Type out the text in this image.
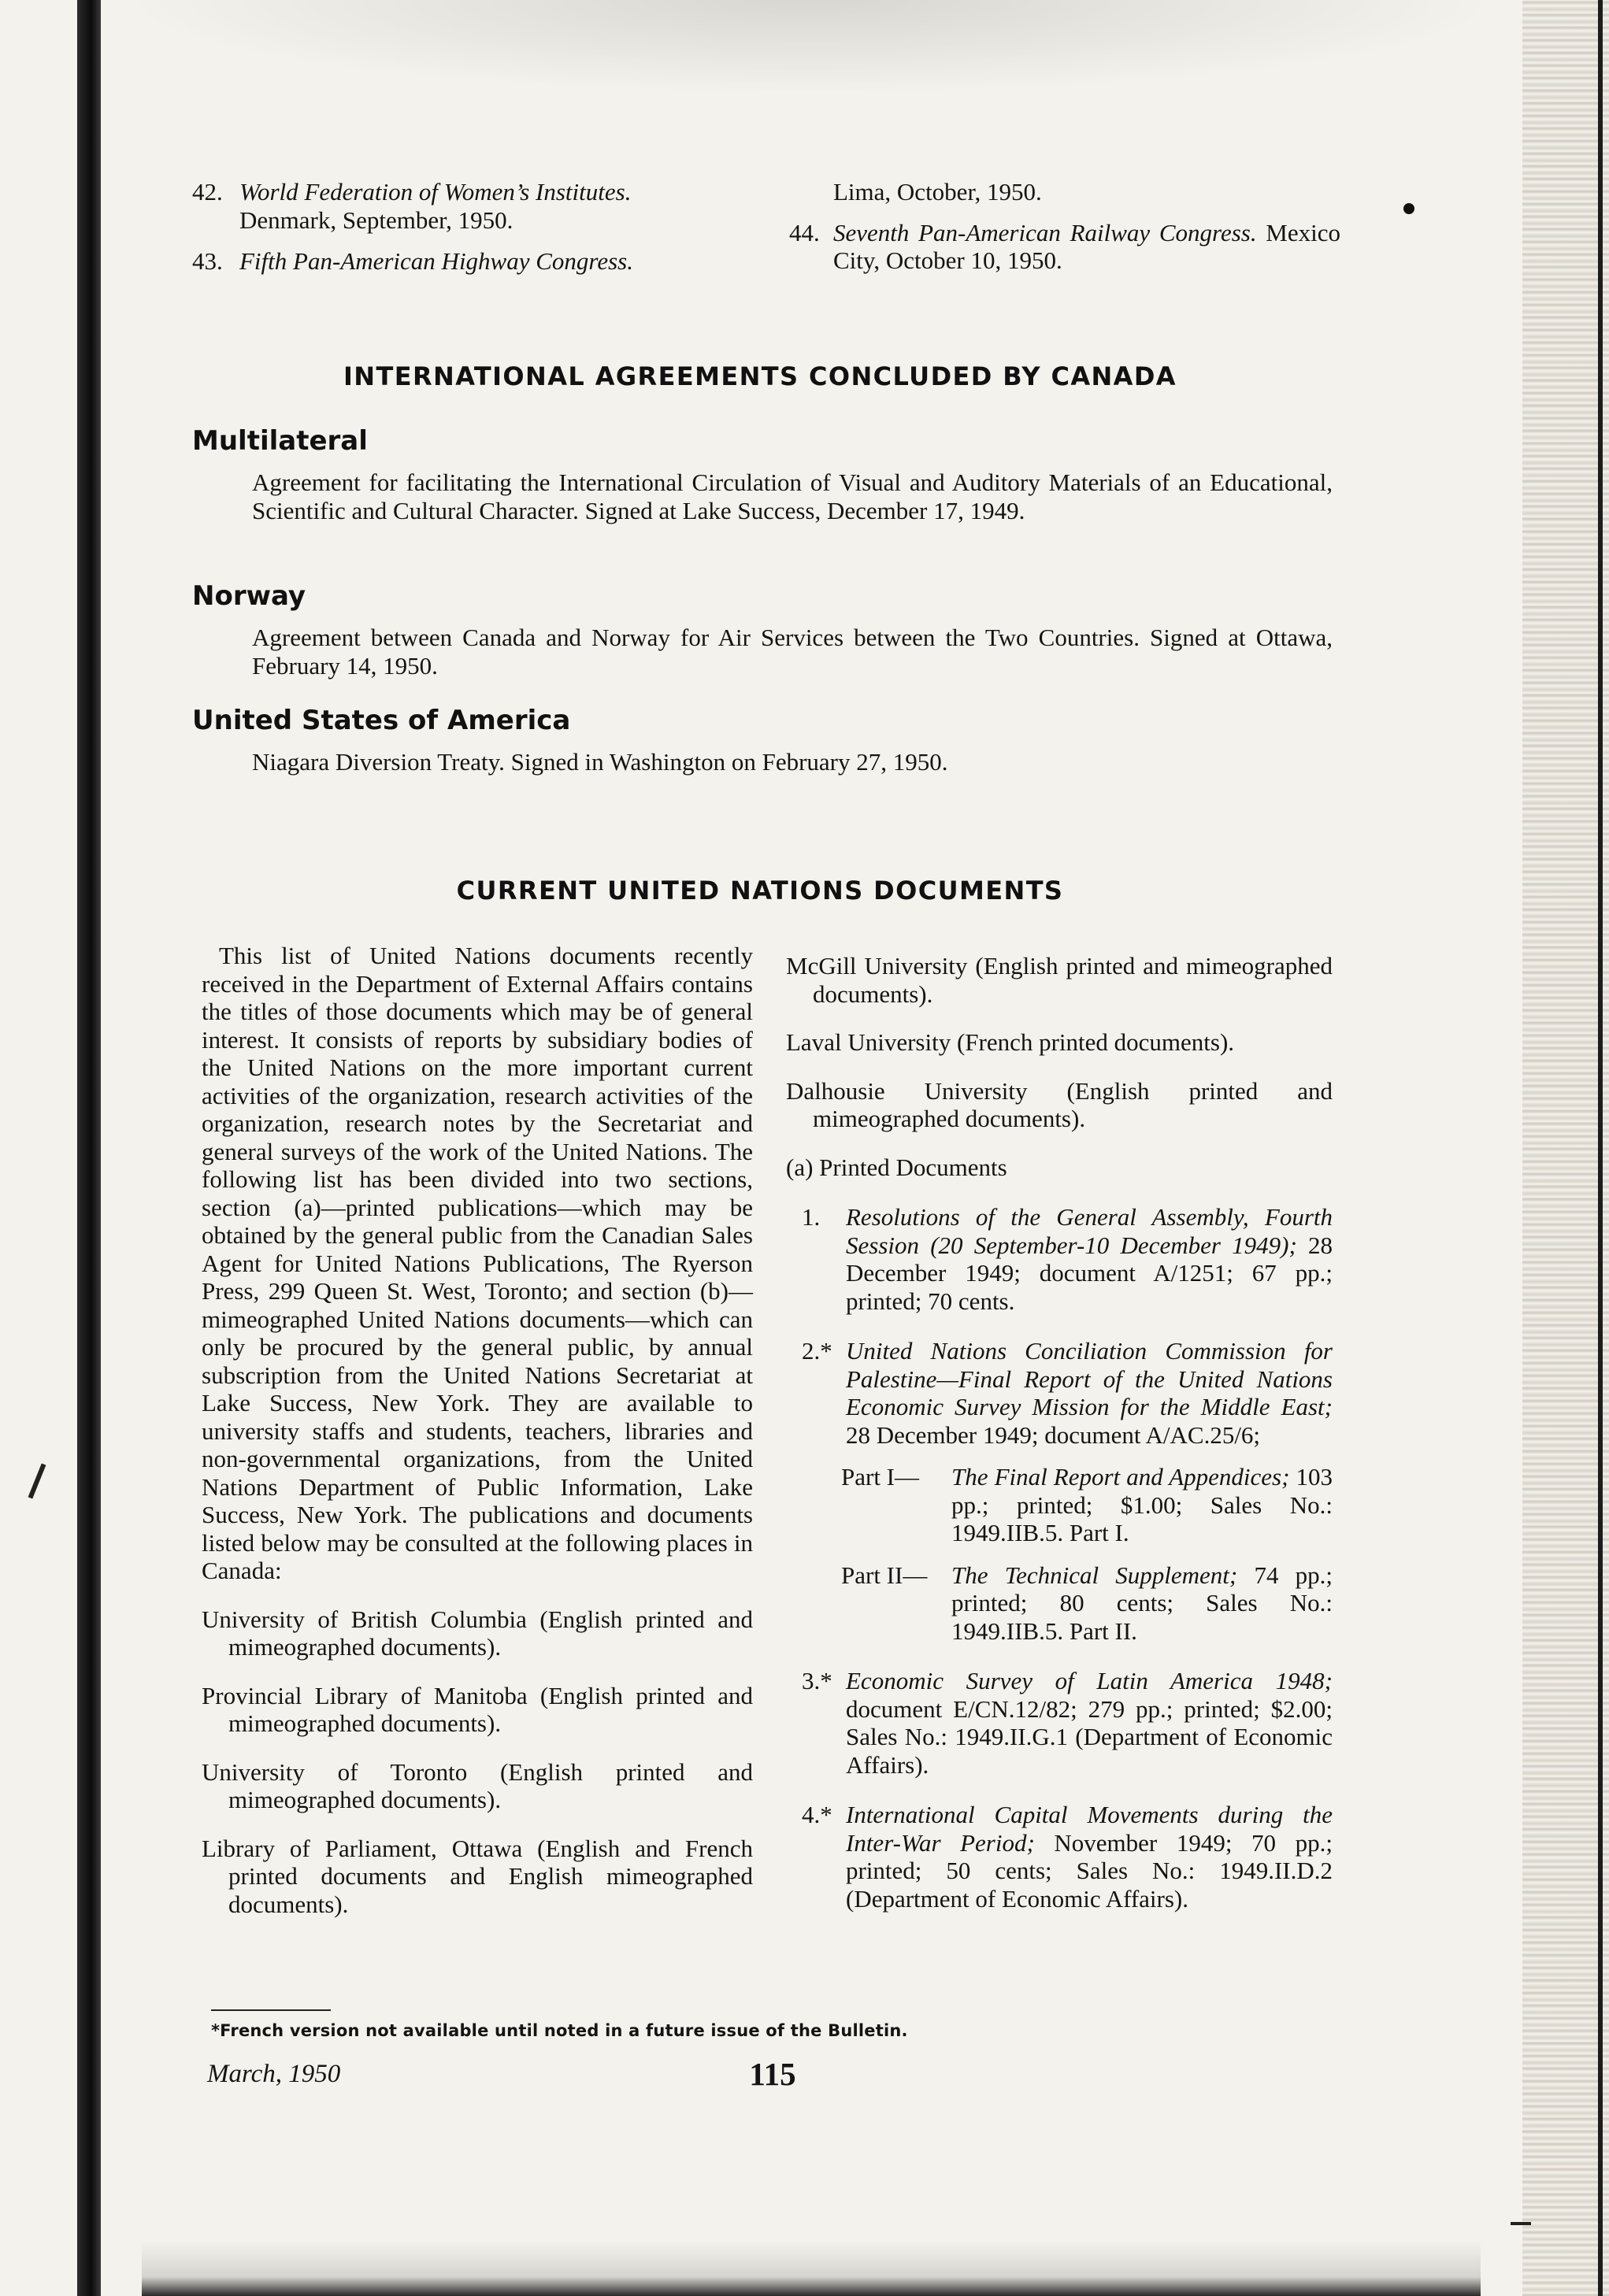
42. World Federation of Women’s Institutes.
Denmark, September, 1950.
43. Fifth Pan-American Highway Congress.
Lima, October, 1950.
44. Seventh Pan-American Railway Congress. Mexico City, October 10, 1950.
INTERNATIONAL AGREEMENTS CONCLUDED BY CANADA
Multilateral
Agreement for facilitating the International Circulation of Visual and Auditory Materials of an Educational, Scientific and Cultural Character. Signed at Lake Success, December 17, 1949.
Norway
Agreement between Canada and Norway for Air Services between the Two Countries. Signed at Ottawa, February 14, 1950.
United States of America
Niagara Diversion Treaty. Signed in Washington on February 27, 1950.
CURRENT UNITED NATIONS DOCUMENTS

This list of United Nations documents recently received in the Department of External Affairs contains the titles of those documents which may be of general interest. It consists of reports by subsidiary bodies of the United Nations on the more important current activities of the organization, research activities of the organization, research notes by the Secretariat and general surveys of the work of the United Nations. The following list has been divided into two sections, section (a)—printed publications—which may be obtained by the general public from the Canadian Sales Agent for United Nations Publications, The Ryerson Press, 299 Queen St. West, Toronto; and section (b)—mimeographed United Nations documents—which can only be procured by the general public, by annual subscription from the United Nations Secretariat at Lake Success, New York. They are available to university staffs and students, teachers, libraries and non-governmental organizations, from the United Nations Department of Public Information, Lake Success, New York. The publications and documents listed below may be consulted at the following places in Canada:

University of British Columbia (English printed and mimeographed documents).

Provincial Library of Manitoba (English printed and mimeographed documents).

University of Toronto (English printed and mimeographed documents).

Library of Parliament, Ottawa (English and French printed documents and English mimeographed documents).

McGill University (English printed and mimeographed documents).

Laval University (French printed documents).

Dalhousie University (English printed and mimeographed documents).

(a) Printed Documents

1. Resolutions of the General Assembly, Fourth Session (20 September-10 December 1949); 28 December 1949; document A/1251; 67 pp.; printed; 70 cents.

2.* United Nations Conciliation Commission for Palestine—Final Report of the United Nations Economic Survey Mission for the Middle East; 28 December 1949; document A/AC.25/6;

Part I— The Final Report and Appendices; 103 pp.; printed; $1.00; Sales No.: 1949.IIB.5. Part I.

Part II— The Technical Supplement; 74 pp.; printed; 80 cents; Sales No.: 1949.IIB.5. Part II.

3.* Economic Survey of Latin America 1948; document E/CN.12/82; 279 pp.; printed; $2.00; Sales No.: 1949.II.G.1 (Department of Economic Affairs).

4.* International Capital Movements during the Inter-War Period; November 1949; 70 pp.; printed; 50 cents; Sales No.: 1949.II.D.2 (Department of Economic Affairs).

*French version not available until noted in a future issue of the Bulletin.
March, 1950	115
